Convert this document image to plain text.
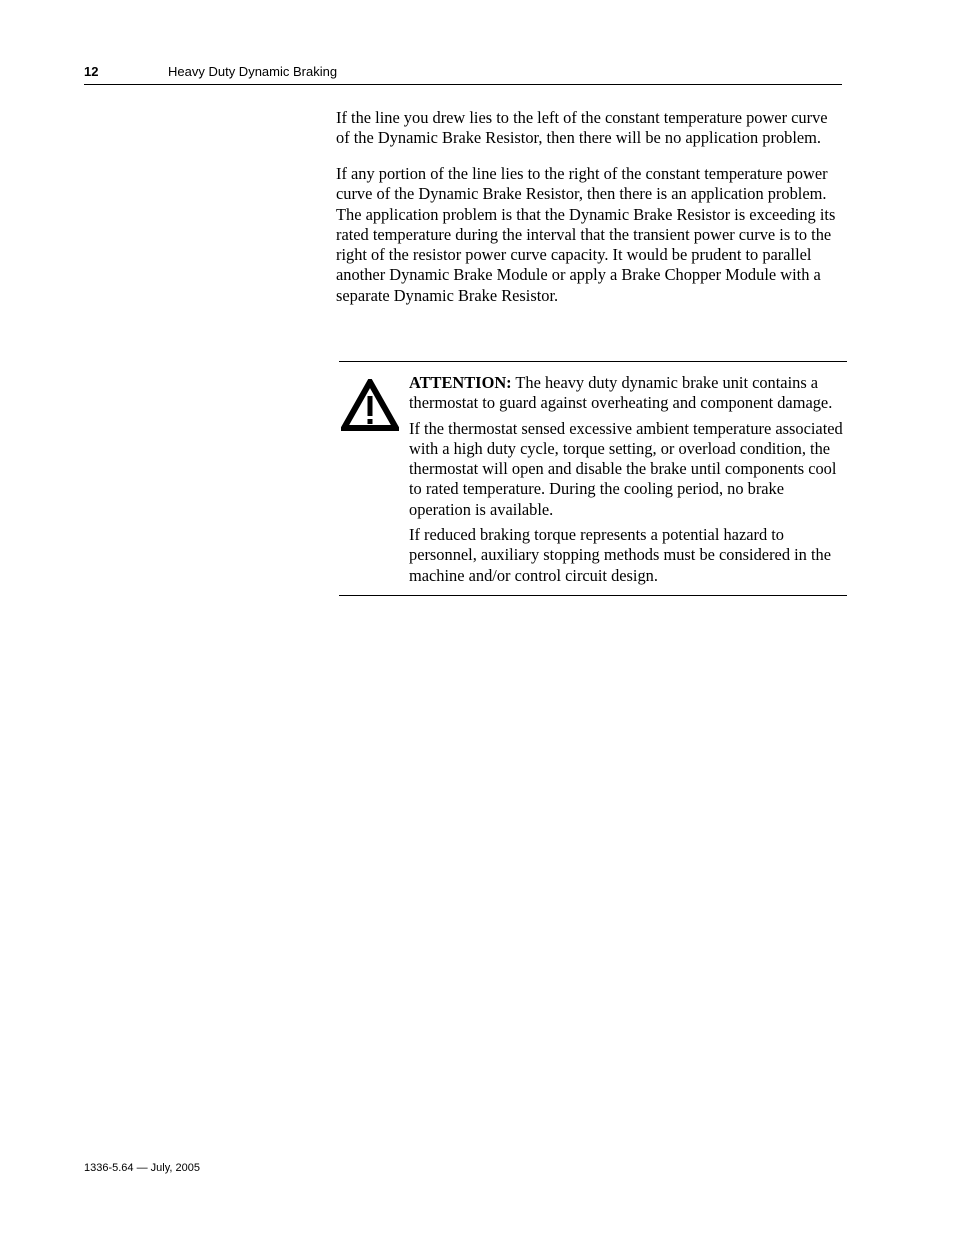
12	Heavy Duty Dynamic Braking

If the line you drew lies to the left of the constant temperature power curve of the Dynamic Brake Resistor, then there will be no application problem.

If any portion of the line lies to the right of the constant temperature power curve of the Dynamic Brake Resistor, then there is an application problem. The application problem is that the Dynamic Brake Resistor is exceeding its rated temperature during the interval that the transient power curve is to the right of the resistor power curve capacity. It would be prudent to parallel another Dynamic Brake Module or apply a Brake Chopper Module with a separate Dynamic Brake Resistor.

ATTENTION: The heavy duty dynamic brake unit contains a thermostat to guard against overheating and component damage.

If the thermostat sensed excessive ambient temperature associated with a high duty cycle, torque setting, or overload condition, the thermostat will open and disable the brake until components cool to rated temperature. During the cooling period, no brake operation is available.

If reduced braking torque represents a potential hazard to personnel, auxiliary stopping methods must be considered in the machine and/or control circuit design.

1336-5.64 — July, 2005
